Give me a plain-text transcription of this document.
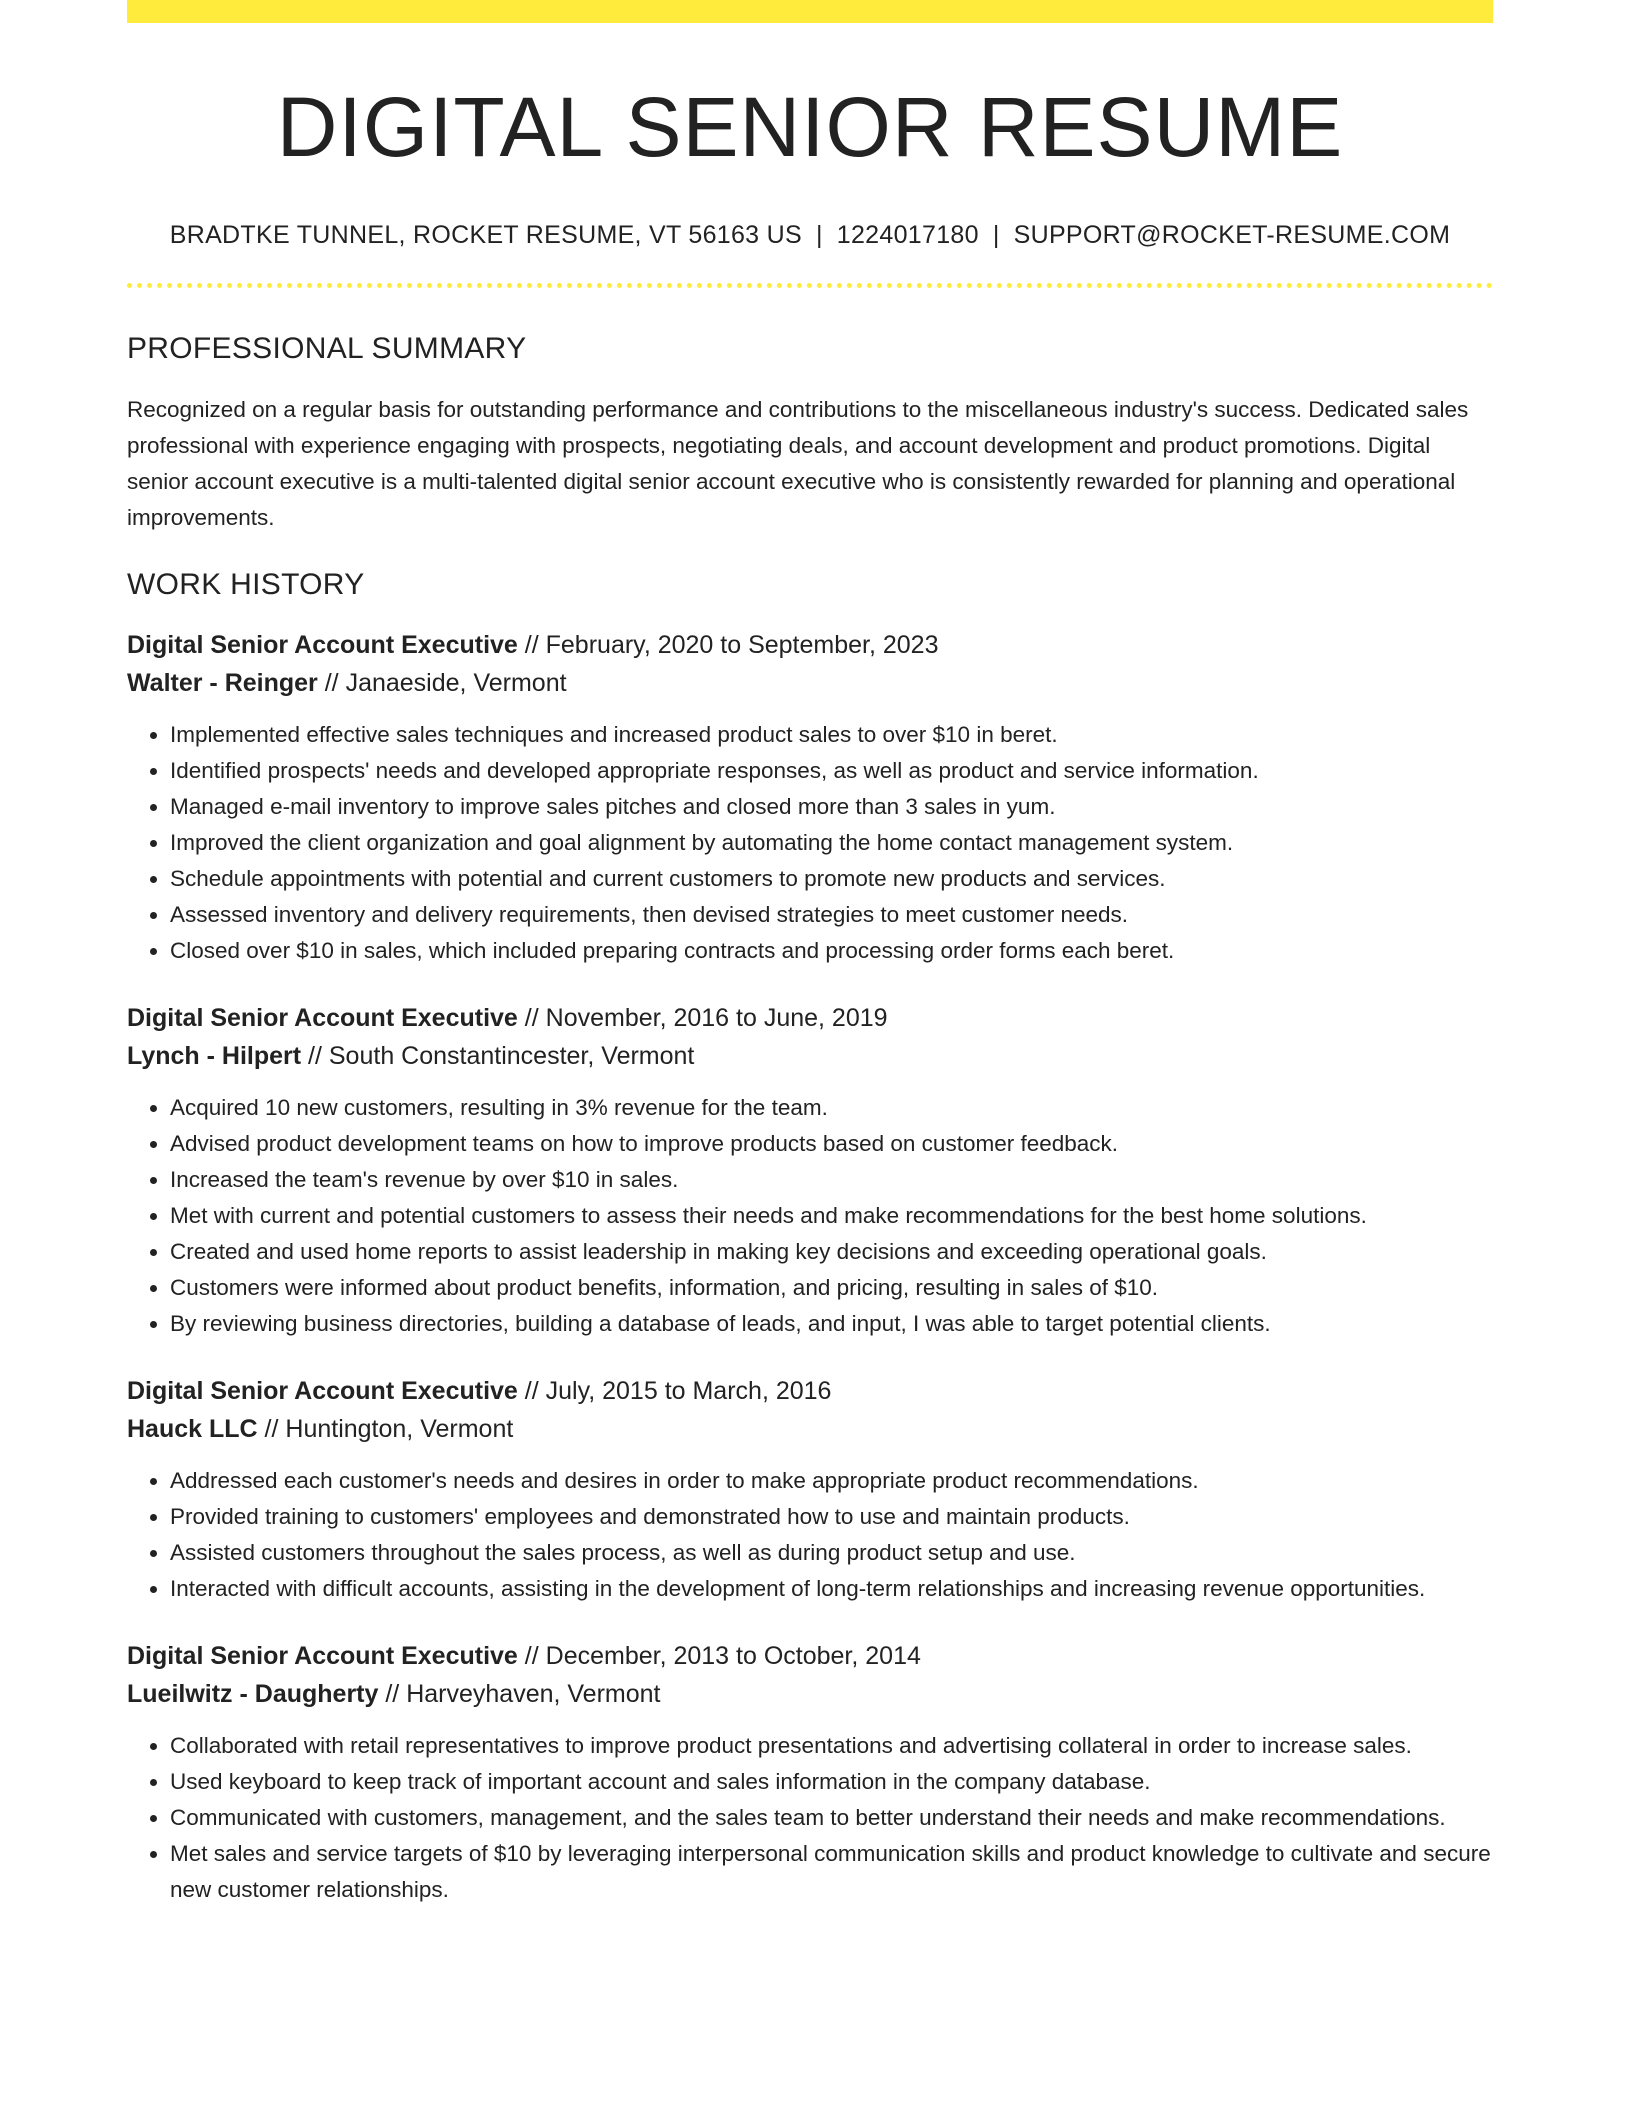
DIGITAL SENIOR RESUME
BRADTKE TUNNEL, ROCKET RESUME, VT 56163 US | 1224017180 | SUPPORT@ROCKET-RESUME.COM
PROFESSIONAL SUMMARY

Recognized on a regular basis for outstanding performance and contributions to the miscellaneous industry's success. Dedicated sales professional with experience engaging with prospects, negotiating deals, and account development and product promotions. Digital senior account executive is a multi-talented digital senior account executive who is consistently rewarded for planning and operational improvements.

WORK HISTORY
Digital Senior Account Executive // February, 2020 to September, 2023
Walter - Reinger // Janaeside, Vermont
• Implemented effective sales techniques and increased product sales to over $10 in beret.
• Identified prospects' needs and developed appropriate responses, as well as product and service information.
• Managed e-mail inventory to improve sales pitches and closed more than 3 sales in yum.
• Improved the client organization and goal alignment by automating the home contact management system.
• Schedule appointments with potential and current customers to promote new products and services.
• Assessed inventory and delivery requirements, then devised strategies to meet customer needs.
• Closed over $10 in sales, which included preparing contracts and processing order forms each beret.
Digital Senior Account Executive // November, 2016 to June, 2019
Lynch - Hilpert // South Constantincester, Vermont
• Acquired 10 new customers, resulting in 3% revenue for the team.
• Advised product development teams on how to improve products based on customer feedback.
• Increased the team's revenue by over $10 in sales.
• Met with current and potential customers to assess their needs and make recommendations for the best home solutions.
• Created and used home reports to assist leadership in making key decisions and exceeding operational goals.
• Customers were informed about product benefits, information, and pricing, resulting in sales of $10.
• By reviewing business directories, building a database of leads, and input, I was able to target potential clients.
Digital Senior Account Executive // July, 2015 to March, 2016
Hauck LLC // Huntington, Vermont
• Addressed each customer's needs and desires in order to make appropriate product recommendations.
• Provided training to customers' employees and demonstrated how to use and maintain products.
• Assisted customers throughout the sales process, as well as during product setup and use.
• Interacted with difficult accounts, assisting in the development of long-term relationships and increasing revenue opportunities.
Digital Senior Account Executive // December, 2013 to October, 2014
Lueilwitz - Daugherty // Harveyhaven, Vermont
• Collaborated with retail representatives to improve product presentations and advertising collateral in order to increase sales.
• Used keyboard to keep track of important account and sales information in the company database.
• Communicated with customers, management, and the sales team to better understand their needs and make recommendations.
• Met sales and service targets of $10 by leveraging interpersonal communication skills and product knowledge to cultivate and secure new customer relationships.
